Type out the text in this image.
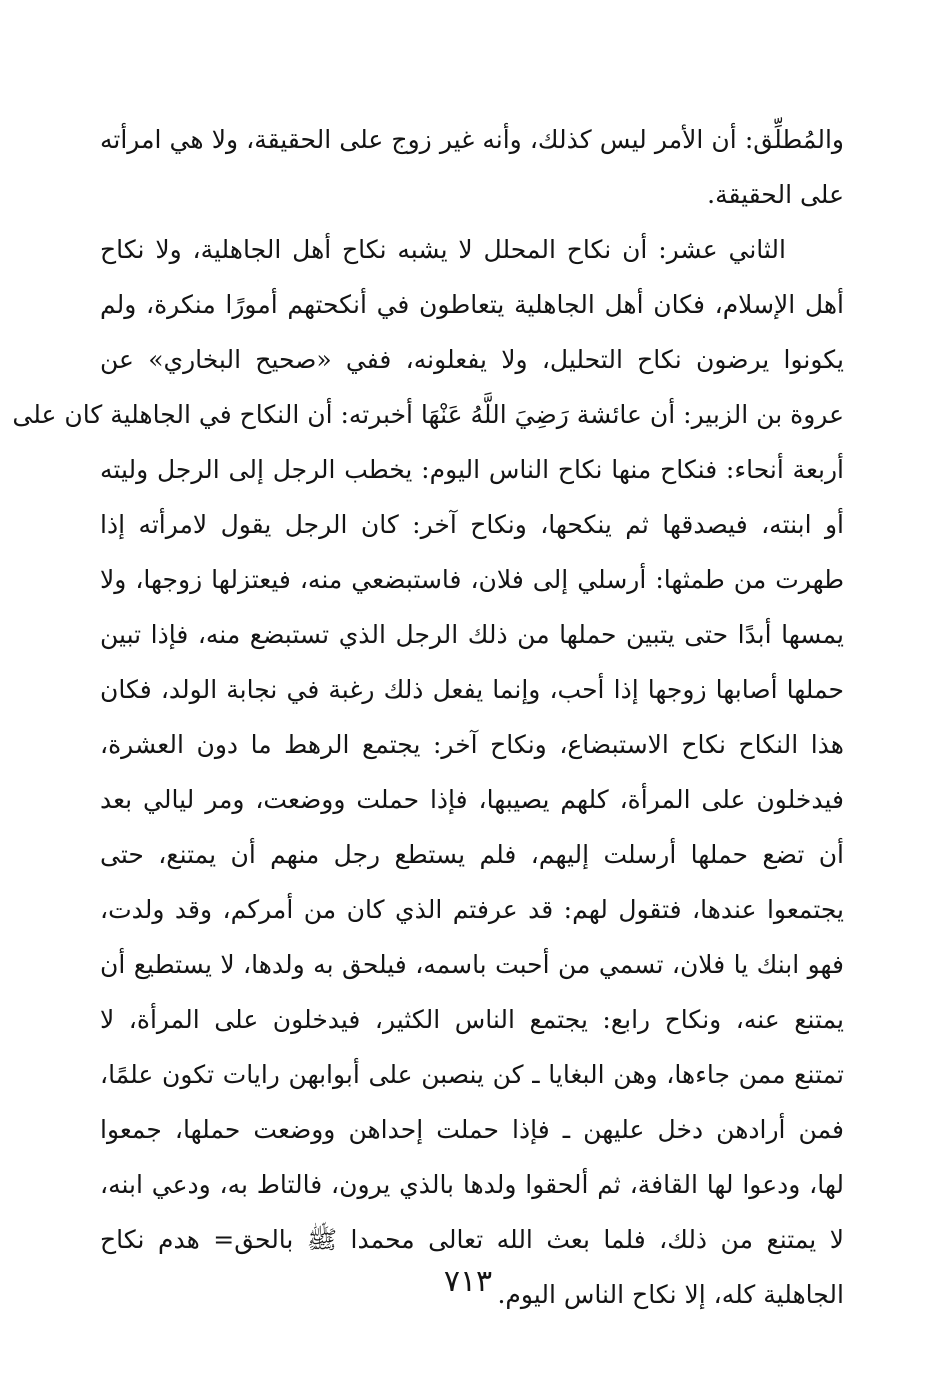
والمُطلِّق: أن الأمر ليس كذلك، وأنه غير زوج على الحقيقة، ولا هي امرأته
على الحقيقة.
الثاني عشر: أن نكاح المحلل لا يشبه نكاح أهل الجاهلية، ولا نكاح
أهل الإسلام، فكان أهل الجاهلية يتعاطون في أنكحتهم أمورًا منكرة، ولم
يكونوا يرضون نكاح التحليل، ولا يفعلونه، ففي «صحيح البخاري» عن
عروة بن الزبير: أن عائشة رَضِيَ اللَّهُ عَنْهَا أخبرته: أن النكاح في الجاهلية كان على
أربعة أنحاء: فنكاح منها نكاح الناس اليوم: يخطب الرجل إلى الرجل وليته
أو ابنته، فيصدقها ثم ينكحها، ونكاح آخر: كان الرجل يقول لامرأته إذا
طهرت من طمثها: أرسلي إلى فلان، فاستبضعي منه، فيعتزلها زوجها، ولا
يمسها أبدًا حتى يتبين حملها من ذلك الرجل الذي تستبضع منه، فإذا تبين
حملها أصابها زوجها إذا أحب، وإنما يفعل ذلك رغبة في نجابة الولد، فكان
هذا النكاح نكاح الاستبضاع، ونكاح آخر: يجتمع الرهط ما دون العشرة،
فيدخلون على المرأة، كلهم يصيبها، فإذا حملت ووضعت، ومر ليالي بعد
أن تضع حملها أرسلت إليهم، فلم يستطع رجل منهم أن يمتنع، حتى
يجتمعوا عندها، فتقول لهم: قد عرفتم الذي كان من أمركم، وقد ولدت،
فهو ابنك يا فلان، تسمي من أحبت باسمه، فيلحق به ولدها، لا يستطيع أن
يمتنع عنه، ونكاح رابع: يجتمع الناس الكثير، فيدخلون على المرأة، لا
تمتنع ممن جاءها، وهن البغايا ـ كن ينصبن على أبوابهن رايات تكون علمًا،
فمن أرادهن دخل عليهن ـ فإذا حملت إحداهن ووضعت حملها، جمعوا
لها، ودعوا لها القافة، ثم ألحقوا ولدها بالذي يرون، فالتاط به، ودعي ابنه،
لا يمتنع من ذلك، فلما بعث الله تعالى محمدا ﷺ بالحق= هدم نكاح
الجاهلية كله، إلا نكاح الناس اليوم.
٧١٣
